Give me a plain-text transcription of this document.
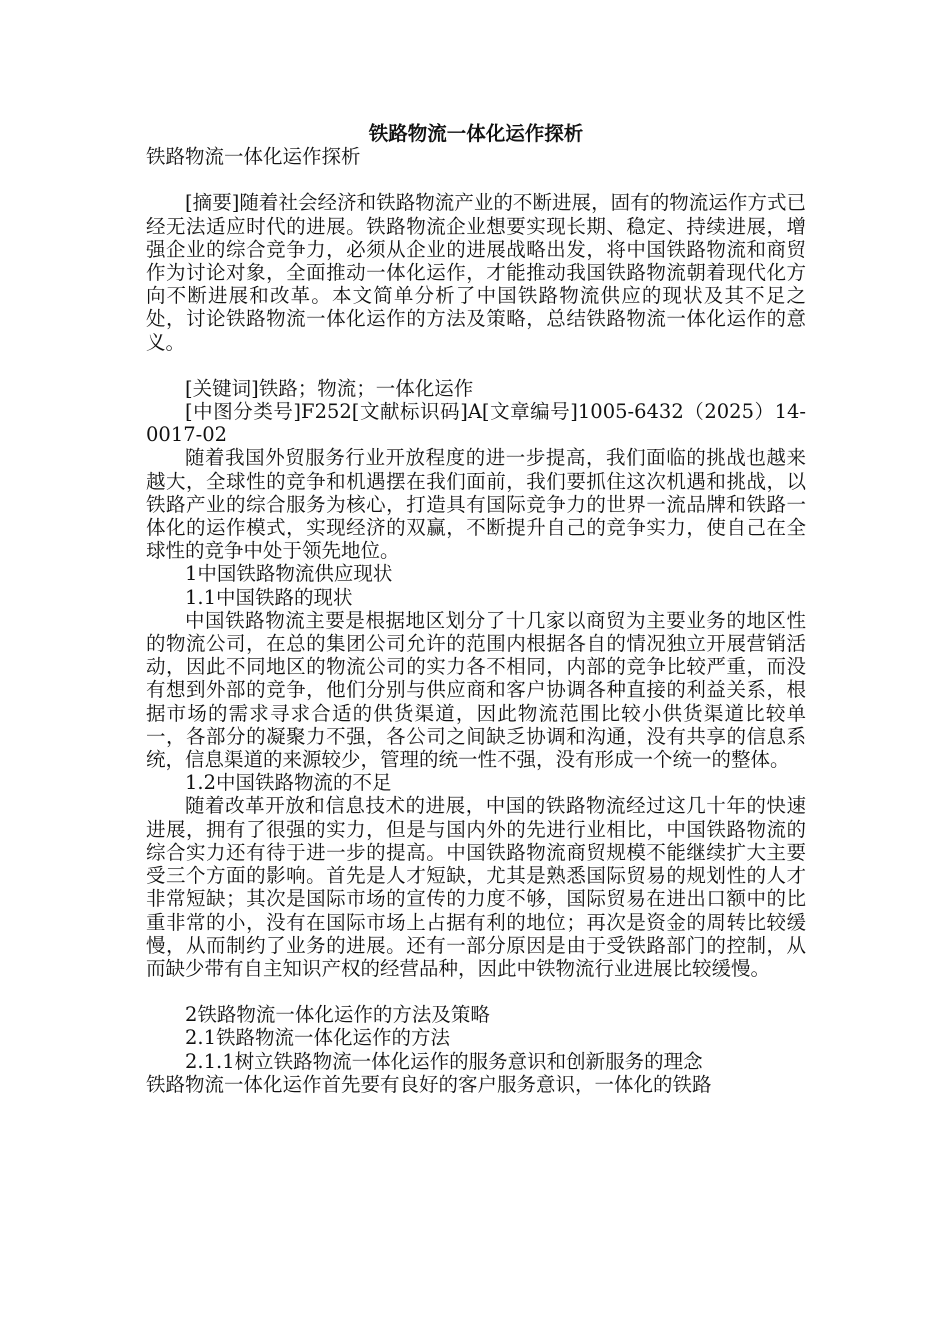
铁路物流一体化运作探析

铁路物流一体化运作探析

[摘要]随着社会经济和铁路物流产业的不断进展，固有的物流运作方式已经无法适应时代的进展。铁路物流企业想要实现长期、稳定、持续进展，增强企业的综合竞争力，必须从企业的进展战略出发，将中国铁路物流和商贸作为讨论对象，全面推动一体化运作，才能推动我国铁路物流朝着现代化方向不断进展和改革。本文简单分析了中国铁路物流供应的现状及其不足之处，讨论铁路物流一体化运作的方法及策略，总结铁路物流一体化运作的意义。

[关键词]铁路；物流；一体化运作

[中图分类号]F252[文献标识码]A[文章编号]1005-6432（2025）14-0017-02

随着我国外贸服务行业开放程度的进一步提高，我们面临的挑战也越来越大，全球性的竞争和机遇摆在我们面前，我们要抓住这次机遇和挑战，以铁路产业的综合服务为核心，打造具有国际竞争力的世界一流品牌和铁路一体化的运作模式，实现经济的双赢，不断提升自己的竞争实力，使自己在全球性的竞争中处于领先地位。

1中国铁路物流供应现状

1.1中国铁路的现状

中国铁路物流主要是根据地区划分了十几家以商贸为主要业务的地区性的物流公司，在总的集团公司允许的范围内根据各自的情况独立开展营销活动，因此不同地区的物流公司的实力各不相同，内部的竞争比较严重，而没有想到外部的竞争，他们分别与供应商和客户协调各种直接的利益关系，根据市场的需求寻求合适的供货渠道，因此物流范围比较小供货渠道比较单一，各部分的凝聚力不强，各公司之间缺乏协调和沟通，没有共享的信息系统，信息渠道的来源较少，管理的统一性不强，没有形成一个统一的整体。

1.2中国铁路物流的不足

随着改革开放和信息技术的进展，中国的铁路物流经过这几十年的快速进展，拥有了很强的实力，但是与国内外的先进行业相比，中国铁路物流的综合实力还有待于进一步的提高。中国铁路物流商贸规模不能继续扩大主要受三个方面的影响。首先是人才短缺，尤其是熟悉国际贸易的规划性的人才非常短缺；其次是国际市场的宣传的力度不够，国际贸易在进出口额中的比重非常的小，没有在国际市场上占据有利的地位；再次是资金的周转比较缓慢，从而制约了业务的进展。还有一部分原因是由于受铁路部门的控制，从而缺少带有自主知识产权的经营品种，因此中铁物流行业进展比较缓慢。

2铁路物流一体化运作的方法及策略

2.1铁路物流一体化运作的方法

2.1.1树立铁路物流一体化运作的服务意识和创新服务的理念

铁路物流一体化运作首先要有良好的客户服务意识，一体化的铁路
